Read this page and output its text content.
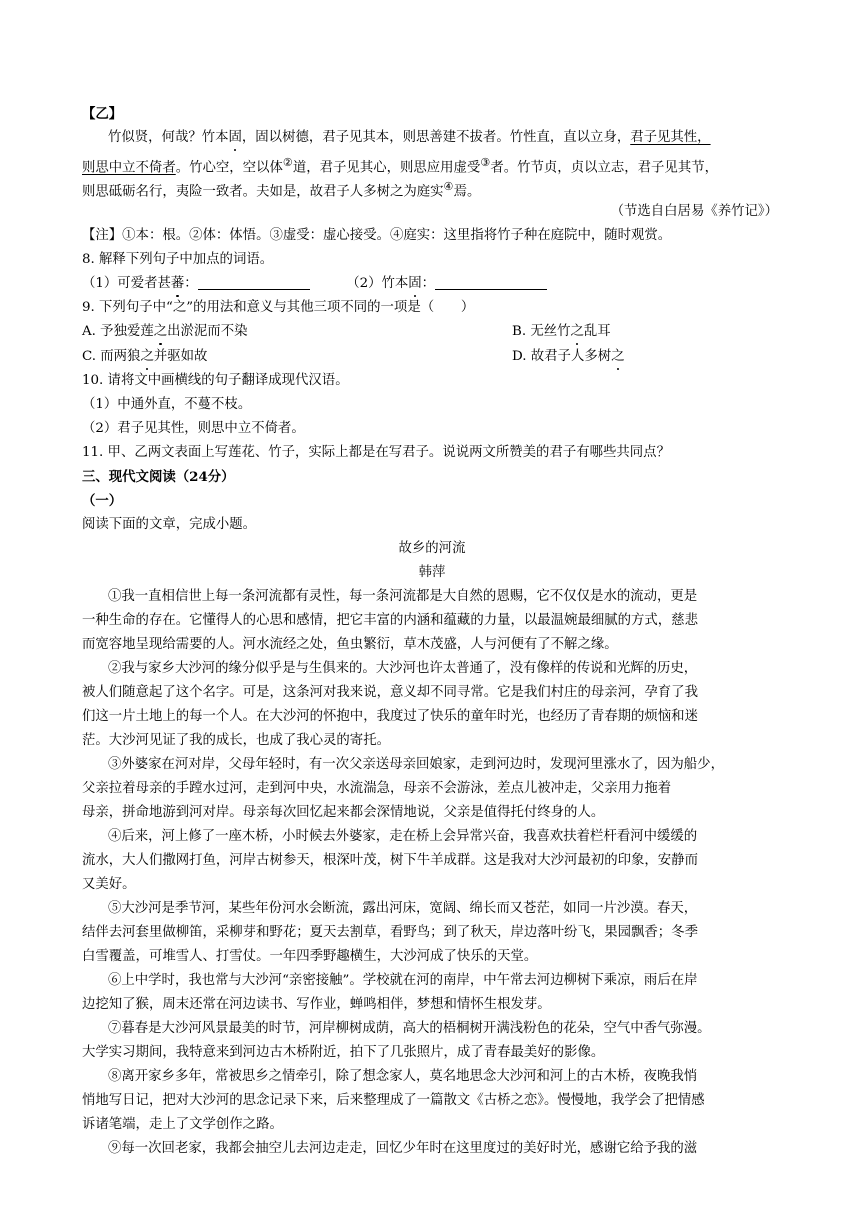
【乙】
竹似贤，何哉？竹本固，固以树德，君子见其本，则思善建不拔者。竹性直，直以立身，君子见其性，
则思中立不倚者。竹心空，空以体②道，君子见其心，则思应用虚受③者。竹节贞，贞以立志，君子见其节，
则思砥砺名行，夷险一致者。夫如是，故君子人多树之为庭实④焉。
（节选自白居易《养竹记》）
【注】①本：根。②体：体悟。③虚受：虚心接受。④庭实：这里指将竹子种在庭院中，随时观赏。
8. 解释下列句子中加点的词语。
（1）可爱者甚蕃：	（2）竹本固：
9. 下列句子中“之”的用法和意义与其他三项不同的一项是（　　）
A. 予独爱莲之出淤泥而不染	B. 无丝竹之乱耳
C. 而两狼之并驱如故	D. 故君子人多树之
10. 请将文中画横线的句子翻译成现代汉语。
（1）中通外直，不蔓不枝。
（2）君子见其性，则思中立不倚者。
11. 甲、乙两文表面上写莲花、竹子，实际上都是在写君子。说说两文所赞美的君子有哪些共同点？
三、现代文阅读（24分）
（一）
阅读下面的文章，完成小题。
故乡的河流
韩萍
①我一直相信世上每一条河流都有灵性，每一条河流都是大自然的恩赐，它不仅仅是水的流动，更是
一种生命的存在。它懂得人的心思和感情，把它丰富的内涵和蕴藏的力量，以最温婉最细腻的方式，慈悲
而宽容地呈现给需要的人。河水流经之处，鱼虫繁衍，草木茂盛，人与河便有了不解之缘。
②我与家乡大沙河的缘分似乎是与生俱来的。大沙河也许太普通了，没有像样的传说和光辉的历史，
被人们随意起了这个名字。可是，这条河对我来说，意义却不同寻常。它是我们村庄的母亲河，孕育了我
们这一片土地上的每一个人。在大沙河的怀抱中，我度过了快乐的童年时光，也经历了青春期的烦恼和迷
茫。大沙河见证了我的成长，也成了我心灵的寄托。
③外婆家在河对岸，父母年轻时，有一次父亲送母亲回娘家，走到河边时，发现河里涨水了，因为船少，
父亲拉着母亲的手蹚水过河，走到河中央，水流湍急，母亲不会游泳，差点儿被冲走，父亲用力拖着
母亲，拼命地游到河对岸。母亲每次回忆起来都会深情地说，父亲是值得托付终身的人。
④后来，河上修了一座木桥，小时候去外婆家，走在桥上会异常兴奋，我喜欢扶着栏杆看河中缓缓的
流水，大人们撒网打鱼，河岸古树参天，根深叶茂，树下牛羊成群。这是我对大沙河最初的印象，安静而
又美好。
⑤大沙河是季节河，某些年份河水会断流，露出河床，宽阔、绵长而又苍茫，如同一片沙漠。春天，
结伴去河套里做柳笛，采柳芽和野花；夏天去割草，看野鸟；到了秋天，岸边落叶纷飞，果园飘香；冬季
白雪覆盖，可堆雪人、打雪仗。一年四季野趣横生，大沙河成了快乐的天堂。
⑥上中学时，我也常与大沙河“亲密接触”。学校就在河的南岸，中午常去河边柳树下乘凉，雨后在岸
边挖知了猴，周末还常在河边读书、写作业，蝉鸣相伴，梦想和情怀生根发芽。
⑦暮春是大沙河风景最美的时节，河岸柳树成荫，高大的梧桐树开满浅粉色的花朵，空气中香气弥漫。
大学实习期间，我特意来到河边古木桥附近，拍下了几张照片，成了青春最美好的影像。
⑧离开家乡多年，常被思乡之情牵引，除了想念家人，莫名地思念大沙河和河上的古木桥，夜晚我悄
悄地写日记，把对大沙河的思念记录下来，后来整理成了一篇散文《古桥之恋》。慢慢地，我学会了把情感
诉诸笔端，走上了文学创作之路。
⑨每一次回老家，我都会抽空儿去河边走走，回忆少年时在这里度过的美好时光，感谢它给予我的滋
